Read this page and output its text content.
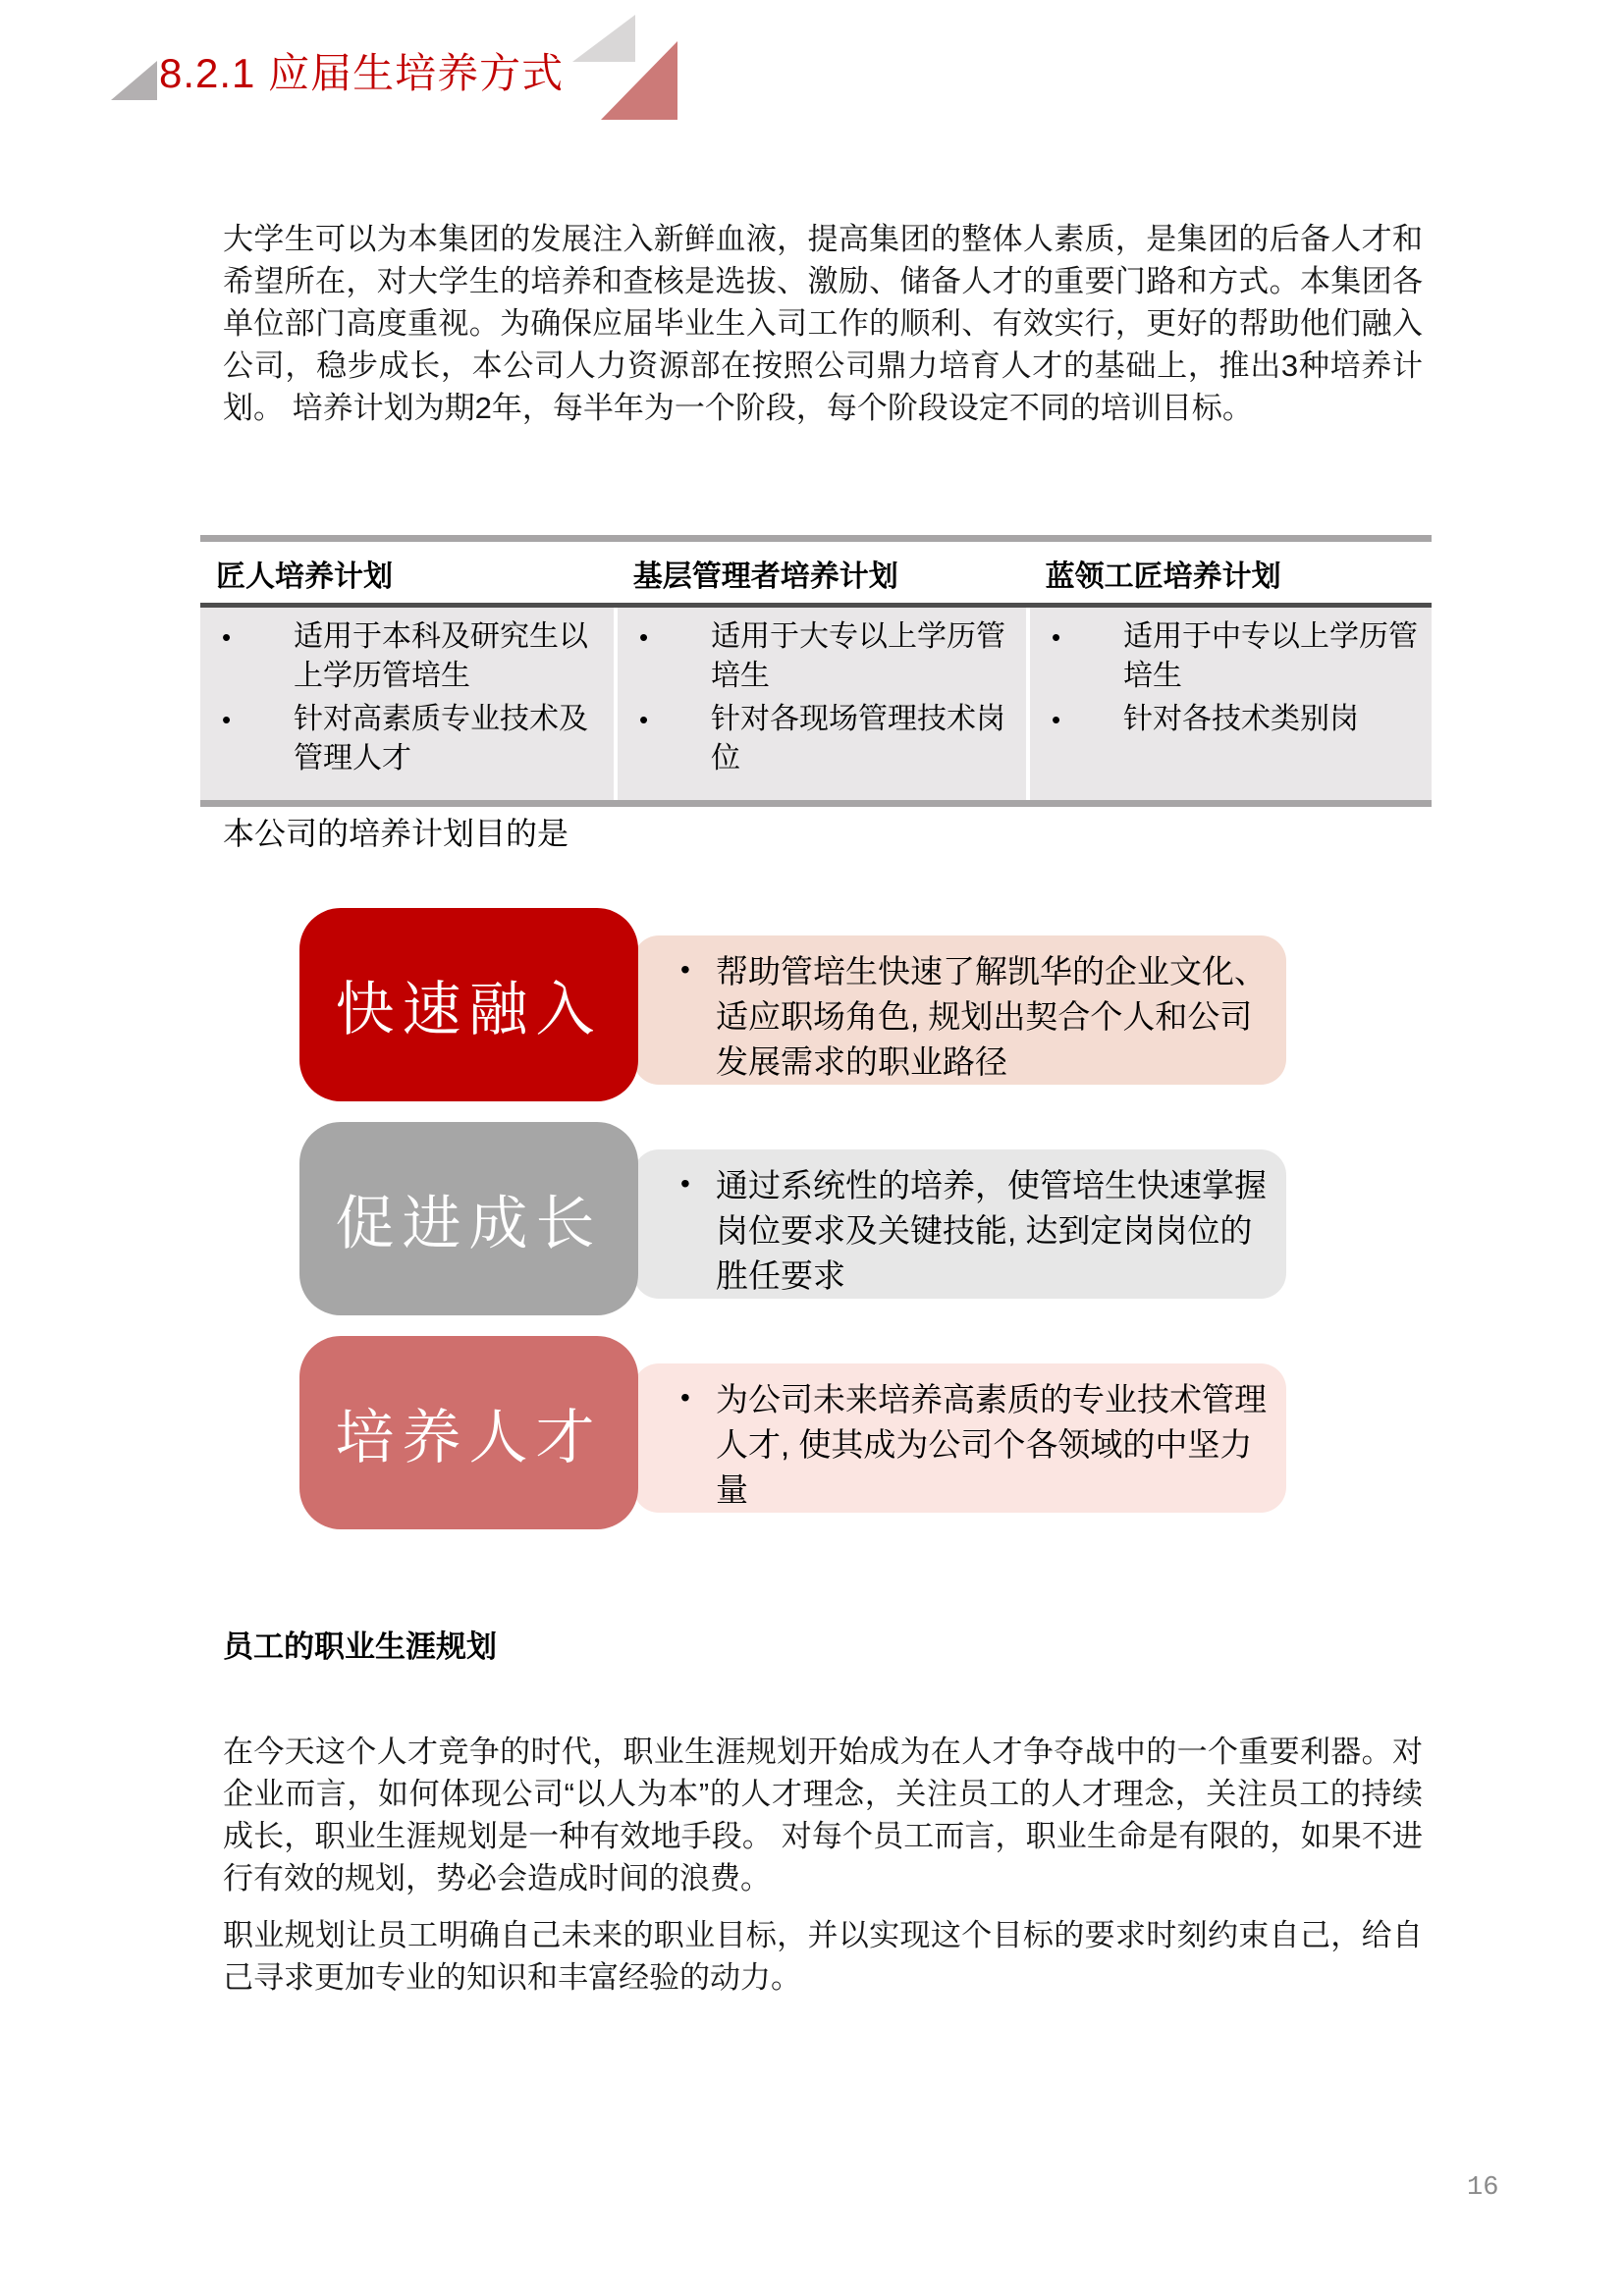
8.2.1 应届生培养方式

大学生可以为本集团的发展注入新鲜血液，提高集团的整体人素质，是集团的后备人才和希望所在，对大学生的培养和查核是选拔、激励、储备人才的重要门路和方式。本集团各单位部门高度重视。为确保应届毕业生入司工作的顺利、有效实行，更好的帮助他们融入公司，稳步成长，本公司人力资源部在按照公司鼎力培育人才的基础上，推出3种培养计划。 培养计划为期2年，每半年为一个阶段，每个阶段设定不同的培训目标。

匠人培养计划	基层管理者培养计划	蓝领工匠培养计划
• 适用于本科及研究生以上学历管培生
• 针对高素质专业技术及管理人才
• 适用于大专以上学历管培生
• 针对各现场管理技术岗位
• 适用于中专以上学历管培生
• 针对各技术类别岗

本公司的培养计划目的是

• 帮助管培生快速了解凯华的企业文化、适应职场角色, 规划出契合个人和公司发展需求的职业路径
快速融入
• 通过系统性的培养，使管培生快速掌握岗位要求及关键技能, 达到定岗岗位的胜任要求
促进成长
• 为公司未来培养高素质的专业技术管理人才, 使其成为公司个各领域的中坚力量
培养人才
员工的职业生涯规划

在今天这个人才竞争的时代，职业生涯规划开始成为在人才争夺战中的一个重要利器。对企业而言，如何体现公司“以人为本”的人才理念，关注员工的人才理念，关注员工的持续成长，职业生涯规划是一种有效地手段。 对每个员工而言，职业生命是有限的，如果不进行有效的规划，势必会造成时间的浪费。

职业规划让员工明确自己未来的职业目标，并以实现这个目标的要求时刻约束自己，给自己寻求更加专业的知识和丰富经验的动力。

16
